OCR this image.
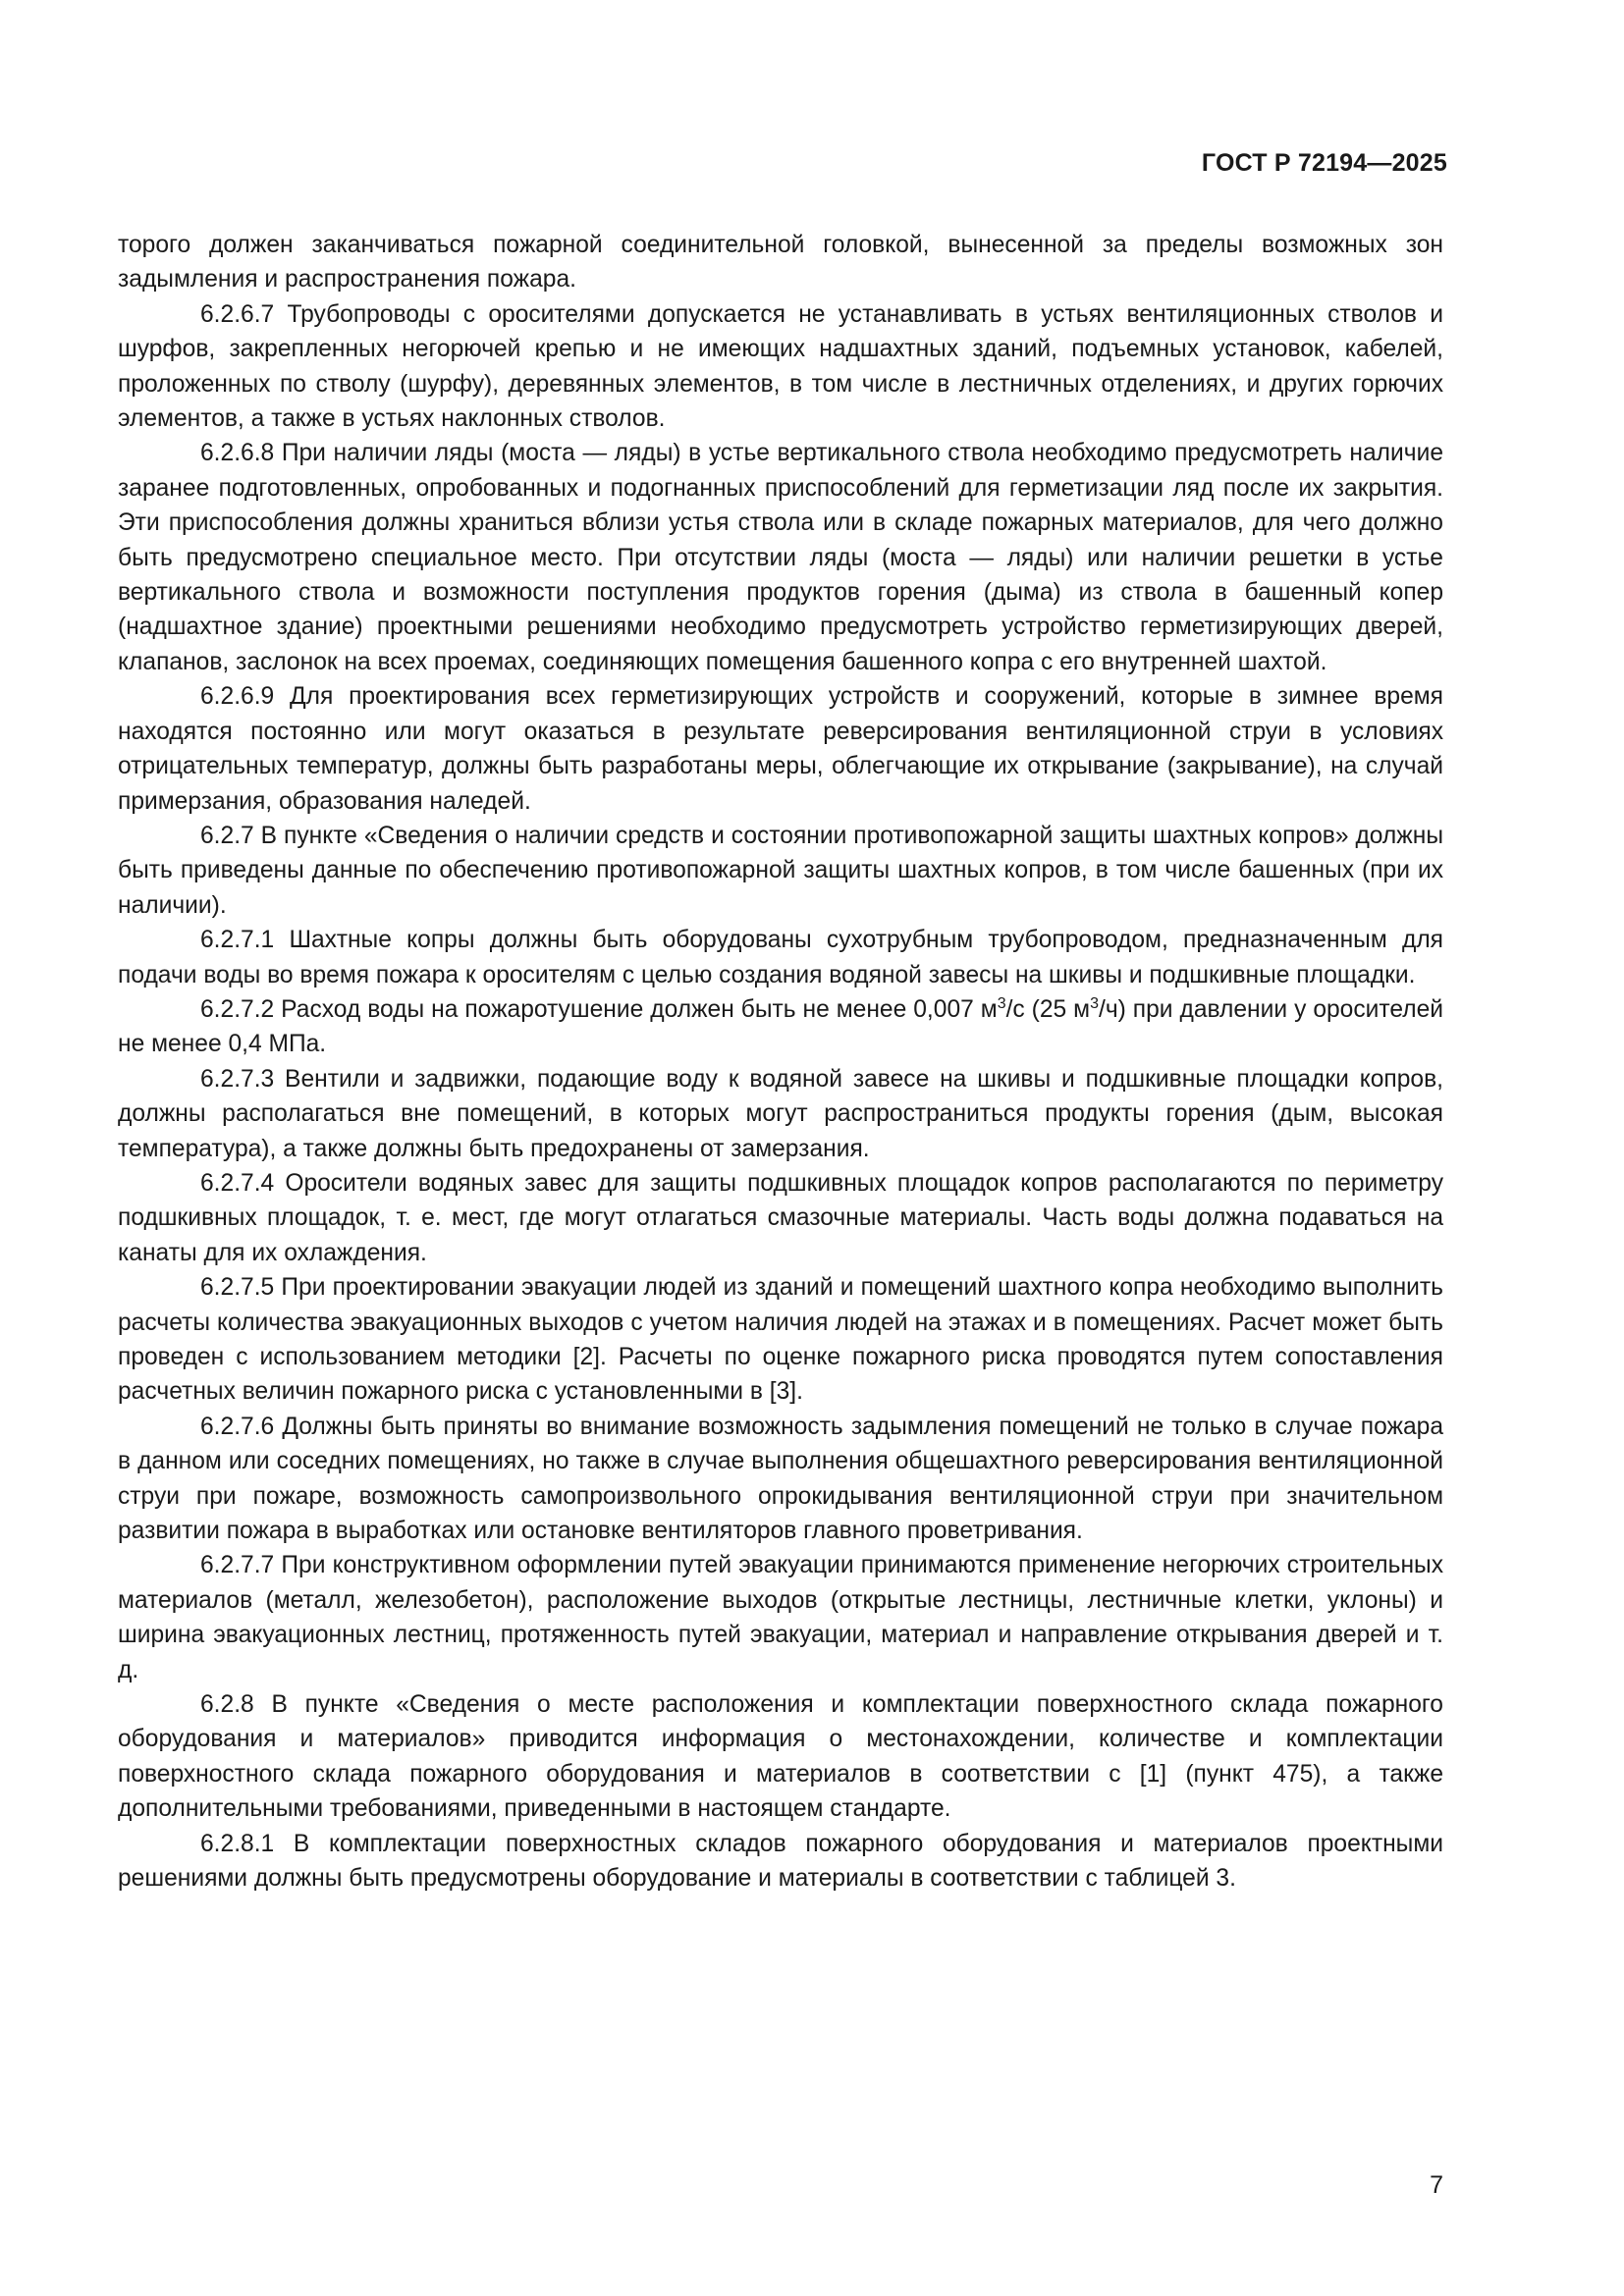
ГОСТ Р 72194—2025

торого должен заканчиваться пожарной соединительной головкой, вынесенной за пределы возможных зон задымления и распространения пожара.

6.2.6.7 Трубопроводы с оросителями допускается не устанавливать в устьях вентиляционных стволов и шурфов, закрепленных негорючей крепью и не имеющих надшахтных зданий, подъемных установок, кабелей, проложенных по стволу (шурфу), деревянных элементов, в том числе в лестничных отделениях, и других горючих элементов, а также в устьях наклонных стволов.

6.2.6.8 При наличии ляды (моста — ляды) в устье вертикального ствола необходимо предусмотреть наличие заранее подготовленных, опробованных и подогнанных приспособлений для герметизации ляд после их закрытия. Эти приспособления должны храниться вблизи устья ствола или в складе пожарных материалов, для чего должно быть предусмотрено специальное место. При отсутствии ляды (моста — ляды) или наличии решетки в устье вертикального ствола и возможности поступления продуктов горения (дыма) из ствола в башенный копер (надшахтное здание) проектными решениями необходимо предусмотреть устройство герметизирующих дверей, клапанов, заслонок на всех проемах, соединяющих помещения башенного копра с его внутренней шахтой.

6.2.6.9 Для проектирования всех герметизирующих устройств и сооружений, которые в зимнее время находятся постоянно или могут оказаться в результате реверсирования вентиляционной струи в условиях отрицательных температур, должны быть разработаны меры, облегчающие их открывание (закрывание), на случай примерзания, образования наледей.

6.2.7 В пункте «Сведения о наличии средств и состоянии противопожарной защиты шахтных копров» должны быть приведены данные по обеспечению противопожарной защиты шахтных копров, в том числе башенных (при их наличии).

6.2.7.1 Шахтные копры должны быть оборудованы сухотрубным трубопроводом, предназначенным для подачи воды во время пожара к оросителям с целью создания водяной завесы на шкивы и подшкивные площадки.

6.2.7.2 Расход воды на пожаротушение должен быть не менее 0,007 $м^3/с$ (25 $м^3/ч$) при давлении у оросителей не менее 0,4 МПа.

6.2.7.3 Вентили и задвижки, подающие воду к водяной завесе на шкивы и подшкивные площадки копров, должны располагаться вне помещений, в которых могут распространиться продукты горения (дым, высокая температура), а также должны быть предохранены от замерзания.

6.2.7.4 Оросители водяных завес для защиты подшкивных площадок копров располагаются по периметру подшкивных площадок, т. е. мест, где могут отлагаться смазочные материалы. Часть воды должна подаваться на канаты для их охлаждения.

6.2.7.5 При проектировании эвакуации людей из зданий и помещений шахтного копра необходимо выполнить расчеты количества эвакуационных выходов с учетом наличия людей на этажах и в помещениях. Расчет может быть проведен с использованием методики [2]. Расчеты по оценке пожарного риска проводятся путем сопоставления расчетных величин пожарного риска с установленными в [3].

6.2.7.6 Должны быть приняты во внимание возможность задымления помещений не только в случае пожара в данном или соседних помещениях, но также в случае выполнения общешахтного реверсирования вентиляционной струи при пожаре, возможность самопроизвольного опрокидывания вентиляционной струи при значительном развитии пожара в выработках или остановке вентиляторов главного проветривания.

6.2.7.7 При конструктивном оформлении путей эвакуации принимаются применение негорючих строительных материалов (металл, железобетон), расположение выходов (открытые лестницы, лестничные клетки, уклоны) и ширина эвакуационных лестниц, протяженность путей эвакуации, материал и направление открывания дверей и т. д.

6.2.8 В пункте «Сведения о месте расположения и комплектации поверхностного склада пожарного оборудования и материалов» приводится информация о местонахождении, количестве и комплектации поверхностного склада пожарного оборудования и материалов в соответствии с [1] (пункт 475), а также дополнительными требованиями, приведенными в настоящем стандарте.

6.2.8.1 В комплектации поверхностных складов пожарного оборудования и материалов проектными решениями должны быть предусмотрены оборудование и материалы в соответствии с таблицей 3.

7
